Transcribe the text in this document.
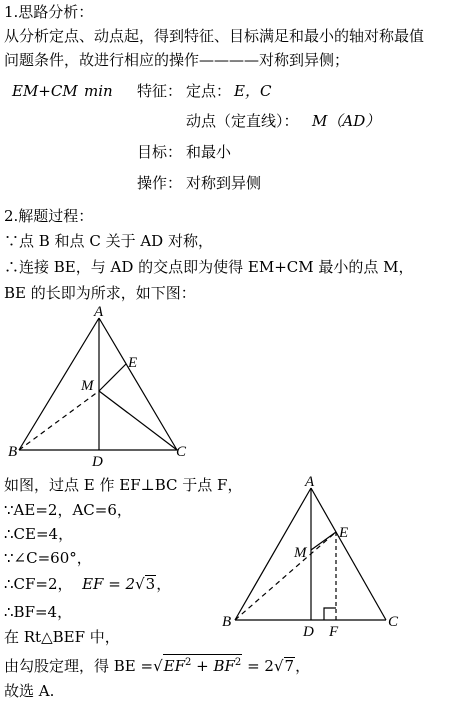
1.思路分析：
从分析定点、动点起，得到特征、目标满足和最小的轴对称最值
问题条件，故进行相应的操作————对称到异侧；
EM+CM min 特征： 定点： E，C
动点（定直线）： M（AD）
目标： 和最小
操作： 对称到异侧
2.解题过程：
∵点 B 和点 C 关于 AD 对称，
∴连接 BE，与 AD 的交点即为使得 EM+CM 最小的点 M，
BE 的长即为所求，如下图：
A
B	C
D
E
M
A
B	C
D
E
F
M
如图，过点 E 作 EF⊥BC 于点 F，
∵AE=2，AC=6，
∴CE=4，
∵∠C=60°，
∴CF=2， EF = 2√3，
∴BF=4，
在 Rt△BEF 中，
由勾股定理，得 BE $=√EF^2 + BF^2 = 2√7$，
故选 A.
